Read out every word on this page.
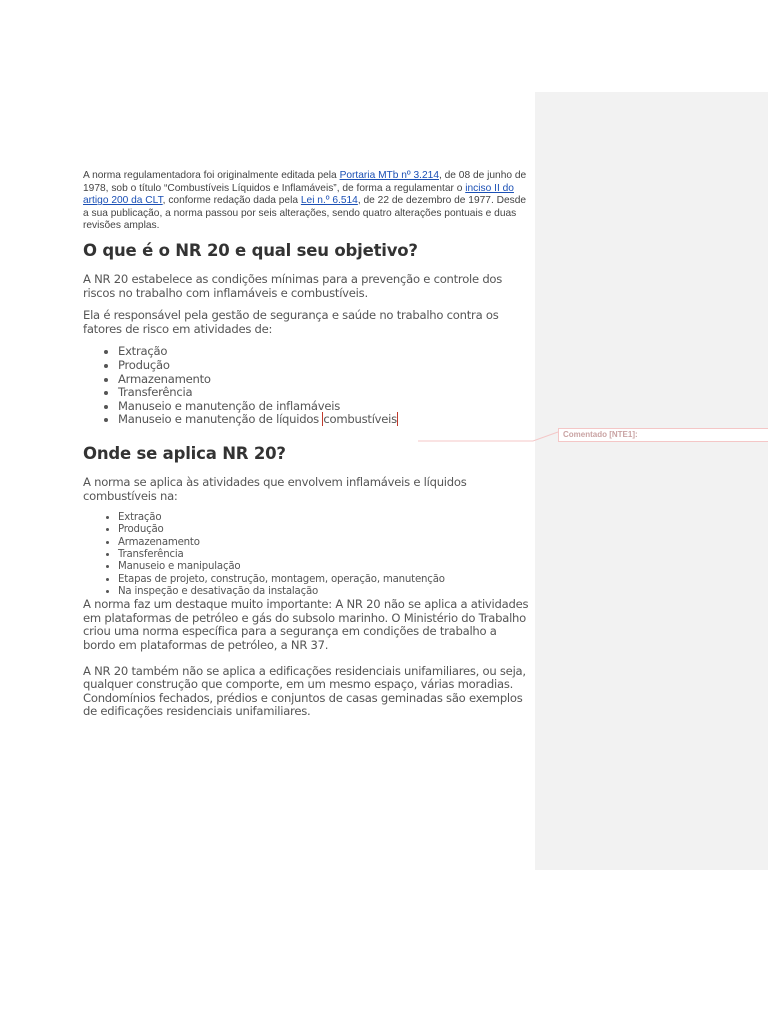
Comentado [NTE1]:

A norma regulamentadora foi originalmente editada pela Portaria MTb nº 3.214, de 08 de junho de 1978, sob o título “Combustíveis Líquidos e Inflamáveis”, de forma a regulamentar o inciso II do artigo 200 da CLT, conforme redação dada pela Lei n.º 6.514, de 22 de dezembro de 1977. Desde a sua publicação, a norma passou por seis alterações, sendo quatro alterações pontuais e duas revisões amplas.

O que é o NR 20 e qual seu objetivo?

A NR 20 estabelece as condições mínimas para a prevenção e controle dos riscos no trabalho com inflamáveis e combustíveis.

Ela é responsável pela gestão de segurança e saúde no trabalho contra os fatores de risco em atividades de:

• Extração
• Produção
• Armazenamento
• Transferência
• Manuseio e manutenção de inflamáveis
• Manuseio e manutenção de líquidos combustíveis
Onde se aplica NR 20?

A norma se aplica às atividades que envolvem inflamáveis e líquidos combustíveis na:

• Extração
• Produção
• Armazenamento
• Transferência
• Manuseio e manipulação
• Etapas de projeto, construção, montagem, operação, manutenção
• Na inspeção e desativação da instalação

A norma faz um destaque muito importante: A NR 20 não se aplica a atividades em plataformas de petróleo e gás do subsolo marinho. O Ministério do Trabalho criou uma norma específica para a segurança em condições de trabalho a bordo em plataformas de petróleo, a NR 37.

A NR 20 também não se aplica a edificações residenciais unifamiliares, ou seja, qualquer construção que comporte, em um mesmo espaço, várias moradias. Condomínios fechados, prédios e conjuntos de casas geminadas são exemplos de edificações residenciais unifamiliares.
